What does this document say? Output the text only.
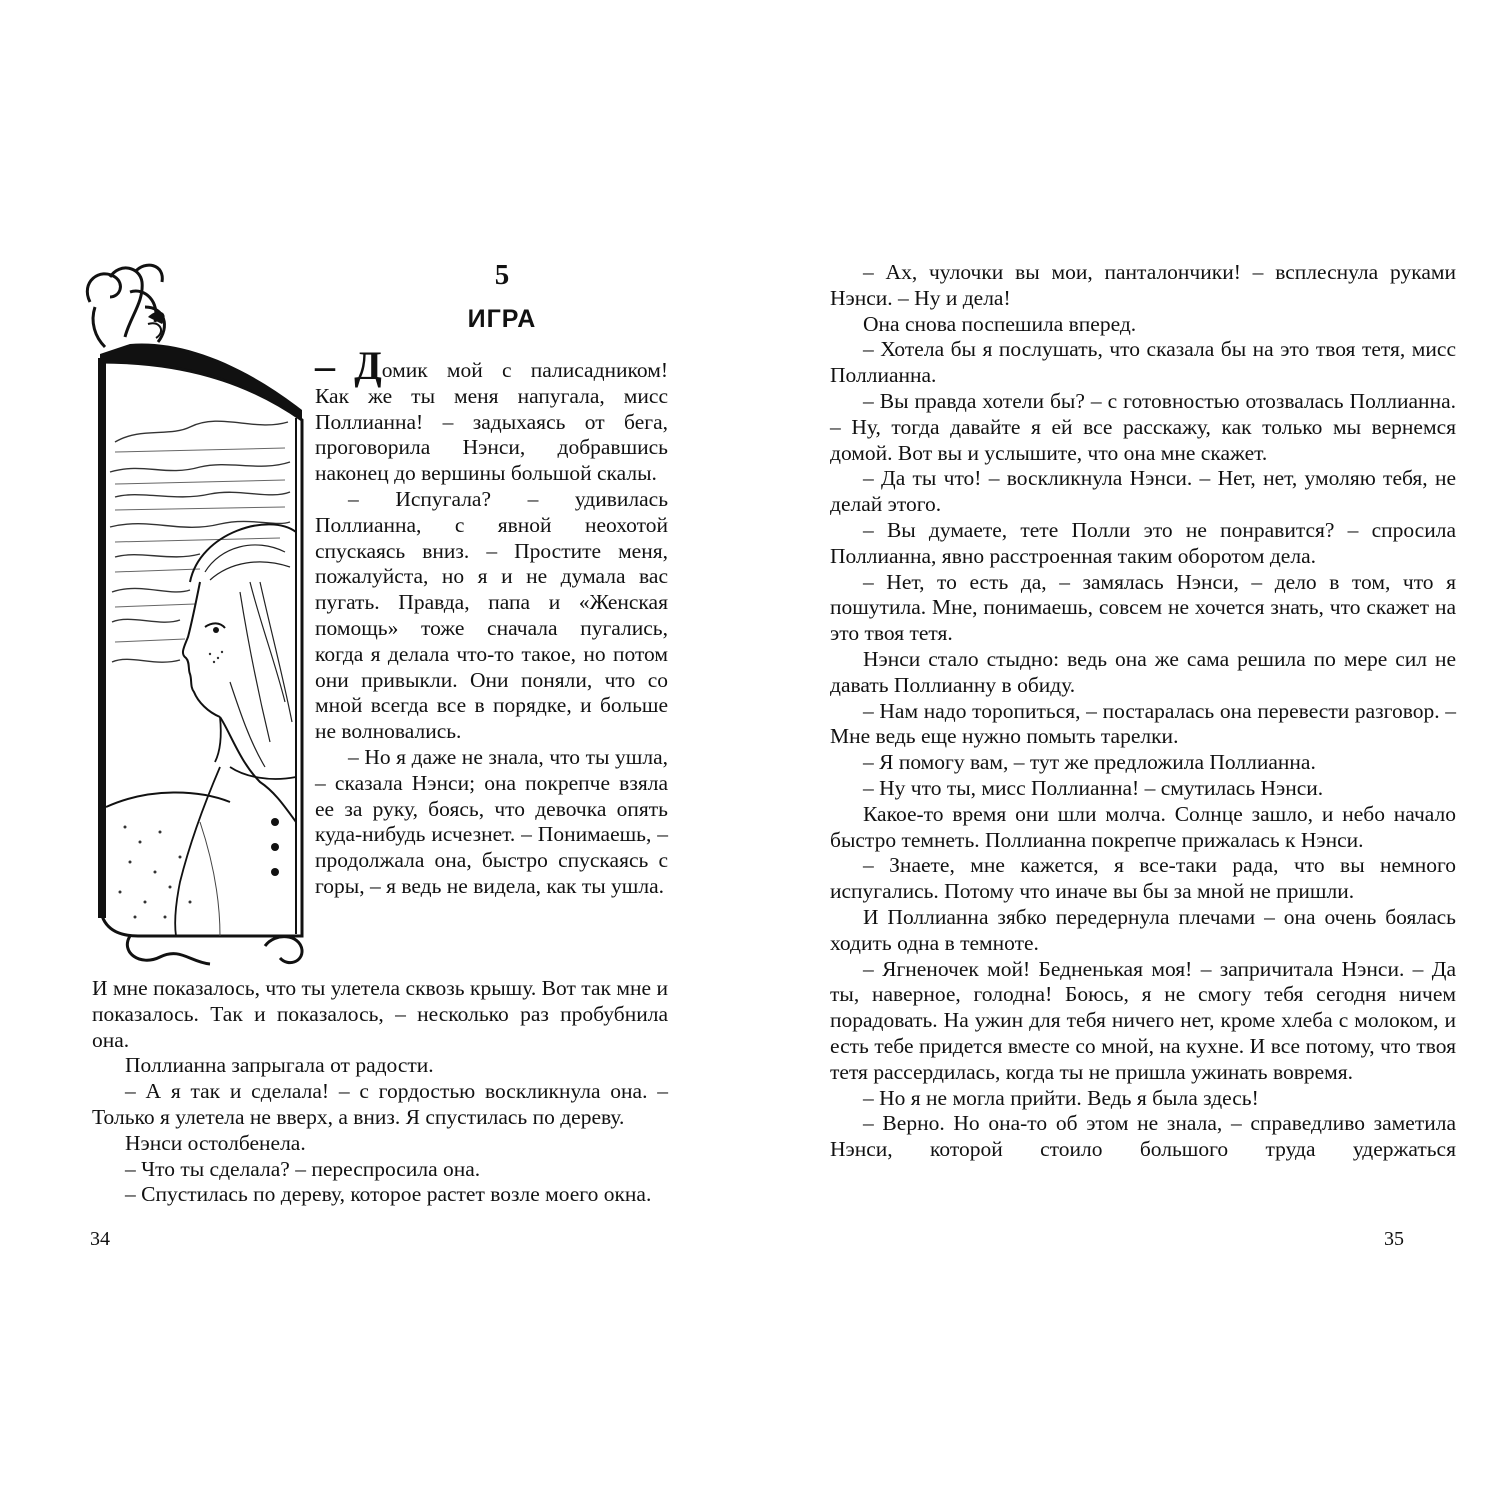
5
ИГРА

– Домик мой с палисадником!

Как же ты меня напугала, мисс Поллианна! – задыхаясь от бега, проговорила Нэнси, добравшись наконец до вершины большой скалы.

– Испугала? – удивилась Поллианна, с явной неохотой спускаясь вниз. – Простите меня, пожалуйста, но я и не думала вас пугать. Правда, папа и «Женская помощь» тоже сначала пугались, когда я делала что-то такое, но потом они привыкли. Они поняли, что со мной всегда все в порядке, и больше не волновались.

– Но я даже не знала, что ты ушла, – сказала Нэнси; она покрепче взяла ее за руку, боясь, что девочка опять куда-нибудь исчезнет. – Понимаешь, – продолжала она, быстро спускаясь с горы, – я ведь не видела, как ты ушла.

И мне показалось, что ты улетела сквозь крышу. Вот так мне и показалось. Так и показалось, – несколько раз пробубнила она.

Поллианна запрыгала от радости.

– А я так и сделала! – с гордостью воскликнула она. – Только я улетела не вверх, а вниз. Я спустилась по дереву.

Нэнси остолбенела.

– Что ты сделала? – переспросила она.

– Спустилась по дереву, которое растет возле моего окна.

34

– Ах, чулочки вы мои, панталончики! – всплеснула руками Нэнси. – Ну и дела!

Она снова поспешила вперед.

– Хотела бы я послушать, что сказала бы на это твоя тетя, мисс Поллианна.

– Вы правда хотели бы? – с готовностью отозвалась Поллианна. – Ну, тогда давайте я ей все расскажу, как только мы вернемся домой. Вот вы и услышите, что она мне скажет.

– Да ты что! – воскликнула Нэнси. – Нет, нет, умоляю тебя, не делай этого.

– Вы думаете, тете Полли это не понравится? – спросила Поллианна, явно расстроенная таким оборотом дела.

– Нет, то есть да, – замялась Нэнси, – дело в том, что я пошутила. Мне, понимаешь, совсем не хочется знать, что скажет на это твоя тетя.

Нэнси стало стыдно: ведь она же сама решила по мере сил не давать Поллианну в обиду.

– Нам надо торопиться, – постаралась она перевести разговор. – Мне ведь еще нужно помыть тарелки.

– Я помогу вам, – тут же предложила Поллианна.

– Ну что ты, мисс Поллианна! – смутилась Нэнси.

Какое-то время они шли молча. Солнце зашло, и небо начало быстро темнеть. Поллианна покрепче прижалась к Нэнси.

– Знаете, мне кажется, я все-таки рада, что вы немного испугались. Потому что иначе вы бы за мной не пришли.

И Поллианна зябко передернула плечами – она очень боялась ходить одна в темноте.

– Ягненочек мой! Бедненькая моя! – запричитала Нэнси. – Да ты, наверное, голодна! Боюсь, я не смогу тебя сегодня ничем порадовать. На ужин для тебя ничего нет, кроме хлеба с молоком, и есть тебе придется вместе со мной, на кухне. И все потому, что твоя тетя рассердилась, когда ты не пришла ужинать вовремя.

– Но я не могла прийти. Ведь я была здесь!

– Верно. Но она-то об этом не знала, – справедливо заметила Нэнси, которой стоило большого труда удержаться

35
